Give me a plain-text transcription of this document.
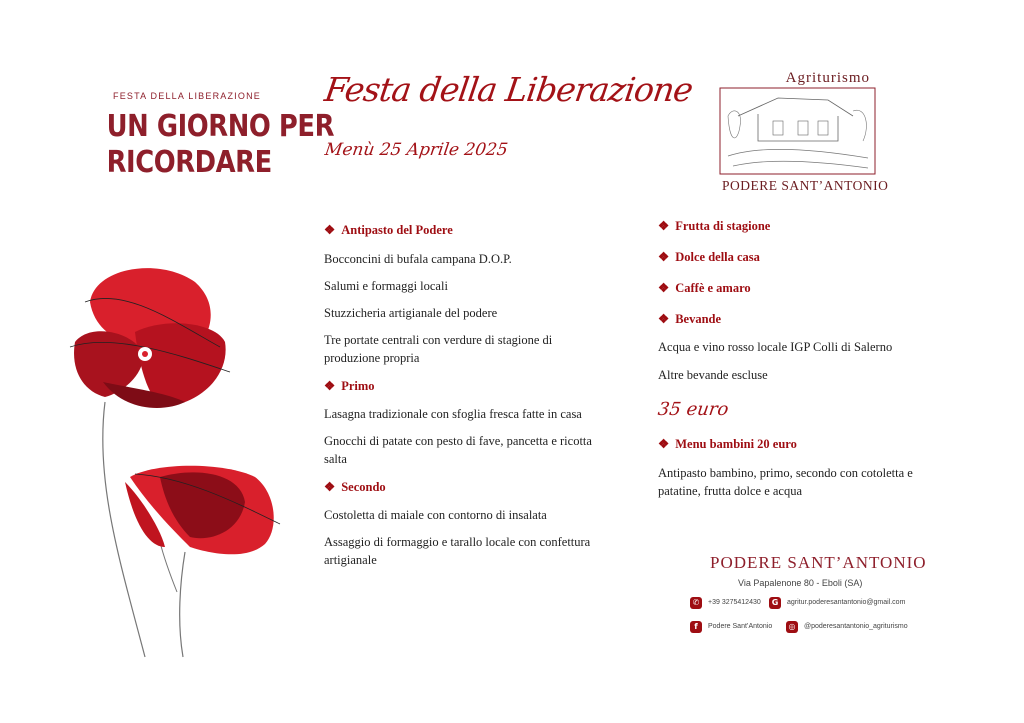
FESTA DELLA LIBERAZIONE
UN GIORNO PER
RICORDARE
Festa della Liberazione
Menù 25 Aprile 2025
Agriturismo
PODERE SANT’ANTONIO
❖ Antipasto del Podere
Bocconcini di bufala campana D.O.P.
Salumi e formaggi locali
Stuzzicheria artigianale del podere
Tre portate centrali con verdure di stagione di produzione propria
❖ Primo
Lasagna tradizionale con sfoglia fresca fatte in casa
Gnocchi di patate con pesto di fave, pancetta e ricotta salta
❖ Secondo
Costoletta di maiale con contorno di insalata
Assaggio di formaggio e tarallo locale con confettura artigianale
❖ Frutta di stagione
❖ Dolce della casa
❖ Caffè e amaro
❖ Bevande
Acqua e vino rosso locale IGP Colli di Salerno
Altre bevande escluse
35 euro
❖ Menu bambini 20 euro
Antipasto bambino, primo, secondo con cotoletta e patatine, frutta dolce e acqua
PODERE SANT’ANTONIO
Via Papalenone 80 - Eboli (SA)
✆	+39 3275412430	G	agritur.poderesantantonio@gmail.com
f	Podere Sant’Antonio	◎	@poderesantantonio_agriturismo
